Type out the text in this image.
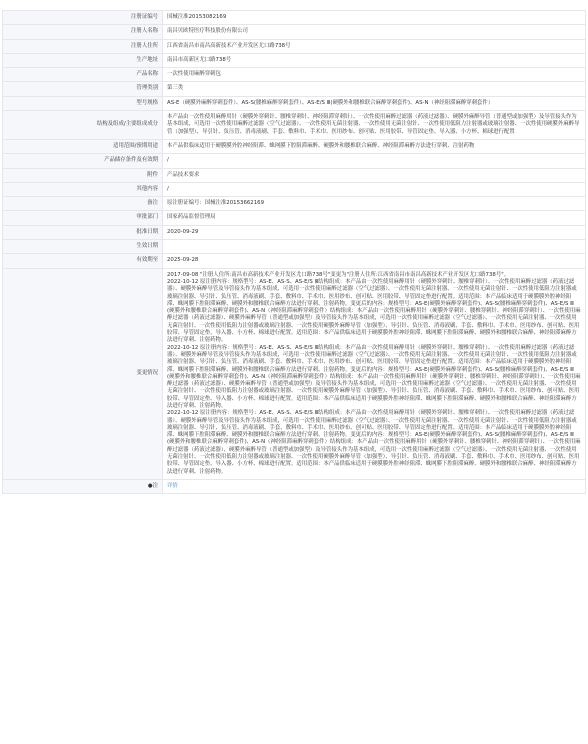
▔▔▔▔▔▔ ▔▔▔	▔▔▔▔
注册证编号	国械注准20153082169
注册人名称	南昌贝欧特医疗科技股份有限公司
注册人住所	江西省南昌市南昌高新技术产业开发区尤口路738号
生产地址	南昌市高新区尤口路738号
产品名称	一次性使用麻醉穿刺包
管理类别	第三类
型号规格	AS-E（硬膜外麻醉穿刺套件）、AS-S(腰椎麻醉穿刺套件）、AS-E/S Ⅲ(硬膜外和腰椎联合麻醉穿刺套件)、AS-N（神经阻滞麻醉穿刺套件）
结构及组成/主要组成成分	本产品由一次性使用麻醉用针（硬膜外穿刺针、腰椎穿刺针、神经阻滞穿刺针）、一次性使用麻醉过滤器（药液过滤器）、硬膜外麻醉导管（普通型或加强型）及导管接头作为基本组成，可选用一次性使用麻醉过滤器（空气过滤器）、一次性使用无菌注射器、一次性使用无菌注射针、一次性使用低阻力注射器或玻璃注射器、一次性使用硬膜外麻醉导管（加强型）、导引针、负压管、消毒液刷、手套、敷料巾、手术巾、医用纱布、创可贴、医用胶带、导管固定垫、导入器、小方杯、棉球进行配置
适用范围/预期用途	本产品供临床适用于硬膜膜外腔神经阻滞、蛛网膜下腔阻滞麻醉、硬膜外和腰椎联合麻醉、神经阻滞麻醉方法进行穿刺、注射药物
产品储存条件及有效期	/
附件	产品技术要求
其他内容	/
备注	原注册证编号：国械注准20153662169
审批部门	国家药品监督管理局
批准日期	2020-09-29
生效日期	
有效期至	2025-09-28
变更情况	2017-09-08 "注册人住所:南昌市高新技术产业开发区尤口路738号"变更为"注册人住所:江西省南昌市南昌高新技术产业开发区尤口路738号"。

2022-10-12 原注册内容：规格型号：AS-E、AS-S、AS-E/S Ⅲ结构组成：本产品由一次性使用麻醉用针（硬膜外穿刺针、腰椎穿刺针）、一次性使用麻醉过滤器（药液过滤器）、硬膜外麻醉导管及导管接头作为基本组成，可选用一次性使用麻醉过滤器（空气过滤器）、一次性使用无菌注射器、一次性使用无菌注射针、一次性使用低阻力注射器或玻璃注射器、导引针、负压管、消毒液刷、手套、敷料巾、手术巾、医用纱布、创可贴、医用胶带、导管固定垫进行配置。适用范围：本产品临床适用于硬膜膜外腔神经阻滞、蛛网膜下腔阻滞麻醉、硬膜外和腰椎联合麻醉方法进行穿刺、注射药物。变更后的内容：规格型号：AS-E(硬膜外麻醉穿刺套件)、AS-S(腰椎麻醉穿刺套件)、AS-E/S Ⅲ(硬膜外和腰椎联合麻醉穿刺套件)、AS-N（神经阻滞麻醉穿刺套件）结构组成：本产品由一次性使用麻醉用针（硬膜外穿刺针、腰椎穿刺针、神经阻滞穿刺针）、一次性使用麻醉过滤器（药液过滤器）、硬膜外麻醉导管（普通型或加强型）及导管接头作为基本组成，可选用一次性使用麻醉过滤器（空气过滤器）、一次性使用无菌注射器、一次性使用无菌注射针、一次性使用低阻力注射器或玻璃注射器、一次性使用硬膜外麻醉导管（加强型）、导引针、负压管、消毒液刷、手套、敷料巾、手术巾、医用纱布、创可贴、医用胶带、导管固定垫、导入器、小方杯、棉球进行配置。适用范围：本产品供临床适用于硬膜膜外腔神经阻滞、蛛网膜下腔阻滞麻醉、硬膜外和腰椎联合麻醉、神经阻滞麻醉方法进行穿刺、注射药物。

2022-10-12 原注册内容：规格型号：AS-E、AS-S、AS-E/S Ⅲ结构组成：本产品由一次性使用麻醉用针（硬膜外穿刺针、腰椎穿刺针）、一次性使用麻醉过滤器（药液过滤器）、硬膜外麻醉导管及导管接头作为基本组成，可选用一次性使用麻醉过滤器（空气过滤器）、一次性使用无菌注射器、一次性使用无菌注射针、一次性使用低阻力注射器或玻璃注射器、导引针、负压管、消毒液刷、手套、敷料巾、手术巾、医用纱布、创可贴、医用胶带、导管固定垫进行配置。适用范围：本产品临床适用于硬膜膜外腔神经阻滞、蛛网膜下腔阻滞麻醉、硬膜外和腰椎联合麻醉方法进行穿刺、注射药物。变更后的内容：规格型号：AS-E(硬膜外麻醉穿刺套件)、AS-S(腰椎麻醉穿刺套件)、AS-E/S Ⅲ(硬膜外和腰椎联合麻醉穿刺套件)、AS-N（神经阻滞麻醉穿刺套件）结构组成：本产品由一次性使用麻醉用针（硬膜外穿刺针、腰椎穿刺针、神经阻滞穿刺针）、一次性使用麻醉过滤器（药液过滤器）、硬膜外麻醉导管（普通型或加强型）及导管接头作为基本组成，可选用一次性使用麻醉过滤器（空气过滤器）、一次性使用无菌注射器、一次性使用无菌注射针、一次性使用低阻力注射器或玻璃注射器、一次性使用硬膜外麻醉导管（加强型）、导引针、负压管、消毒液刷、手套、敷料巾、手术巾、医用纱布、创可贴、医用胶带、导管固定垫、导入器、小方杯、棉球进行配置。适用范围：本产品供临床适用于硬膜膜外腔神经阻滞、蛛网膜下腔阻滞麻醉、硬膜外和腰椎联合麻醉、神经阻滞麻醉方法进行穿刺、注射药物。

2022-10-12 原注册内容：规格型号：AS-E、AS-S、AS-E/S Ⅲ结构组成：本产品由一次性使用麻醉用针（硬膜外穿刺针、腰椎穿刺针）、一次性使用麻醉过滤器（药液过滤器）、硬膜外麻醉导管及导管接头作为基本组成，可选用一次性使用麻醉过滤器（空气过滤器）、一次性使用无菌注射器、一次性使用无菌注射针、一次性使用低阻力注射器或玻璃注射器、导引针、负压管、消毒液刷、手套、敷料巾、手术巾、医用纱布、创可贴、医用胶带、导管固定垫进行配置。适用范围：本产品临床适用于硬膜膜外腔神经阻滞、蛛网膜下腔阻滞麻醉、硬膜外和腰椎联合麻醉方法进行穿刺、注射药物。变更后的内容：规格型号：AS-E(硬膜外麻醉穿刺套件)、AS-S(腰椎麻醉穿刺套件)、AS-E/S Ⅲ(硬膜外和腰椎联合麻醉穿刺套件)、AS-N（神经阻滞麻醉穿刺套件）结构组成：本产品由一次性使用麻醉用针（硬膜外穿刺针、腰椎穿刺针、神经阻滞穿刺针）、一次性使用麻醉过滤器（药液过滤器）、硬膜外麻醉导管（普通型或加强型）及导管接头作为基本组成，可选用一次性使用麻醉过滤器（空气过滤器）、一次性使用无菌注射器、一次性使用无菌注射针、一次性使用低阻力注射器或玻璃注射器、一次性使用硬膜外麻醉导管（加强型）、导引针、负压管、消毒液刷、手套、敷料巾、手术巾、医用纱布、创可贴、医用胶带、导管固定垫、导入器、小方杯、棉球进行配置。适用范围：本产品供临床适用于硬膜膜外腔神经阻滞、蛛网膜下腔阻滞麻醉、硬膜外和腰椎联合麻醉、神经阻滞麻醉方法进行穿刺、注射药物。

●注	详情
